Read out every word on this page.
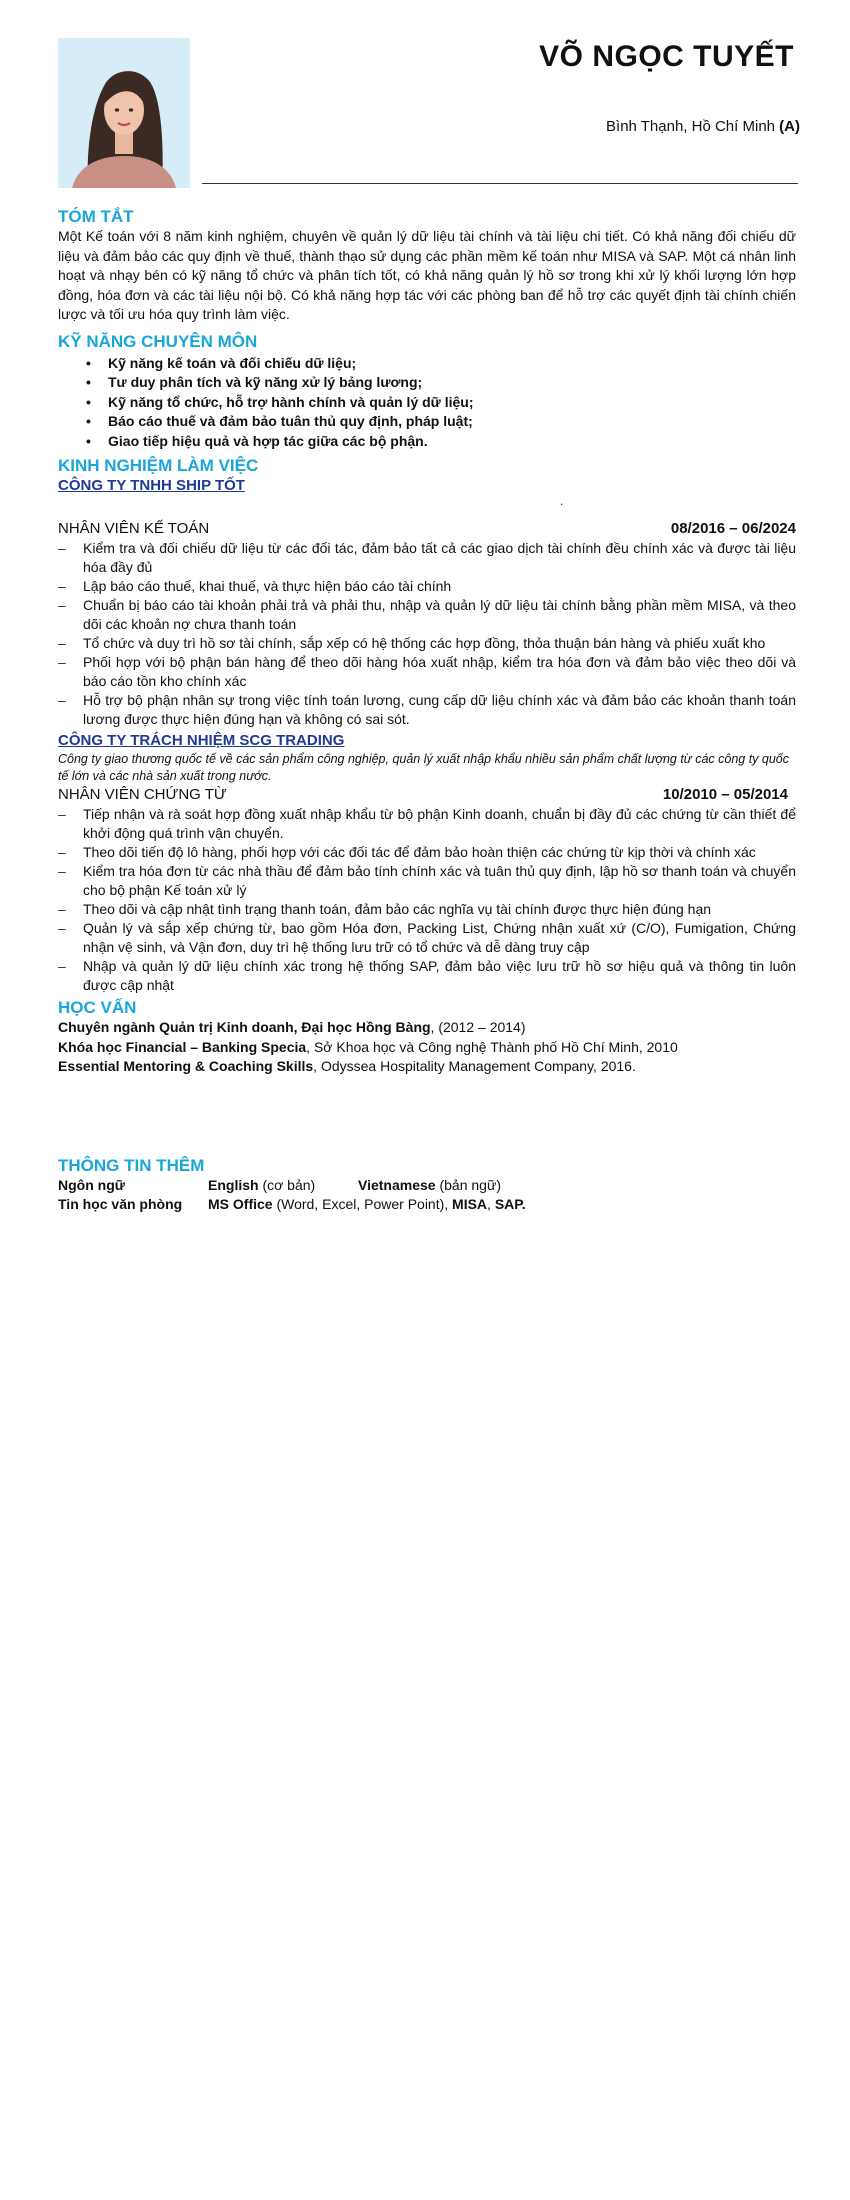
VÕ NGỌC TUYẾT
Bình Thạnh, Hồ Chí Minh (A)
TÓM TẮT

Một Kế toán với 8 năm kinh nghiệm, chuyên về quản lý dữ liệu tài chính và tài liệu chi tiết. Có khả năng đối chiếu dữ liệu và đảm bảo các quy định về thuế, thành thạo sử dụng các phần mềm kế toán như MISA và SAP. Một cá nhân linh hoạt và nhạy bén có kỹ năng tổ chức và phân tích tốt, có khả năng quản lý hồ sơ trong khi xử lý khối lượng lớn hợp đồng, hóa đơn và các tài liệu nội bộ. Có khả năng hợp tác với các phòng ban để hỗ trợ các quyết định tài chính chiến lược và tối ưu hóa quy trình làm việc.

KỸ NĂNG CHUYÊN MÔN
• Kỹ năng kế toán và đối chiếu dữ liệu;
• Tư duy phân tích và kỹ năng xử lý bảng lương;
• Kỹ năng tổ chức, hỗ trợ hành chính và quản lý dữ liệu;
• Báo cáo thuế và đảm bảo tuân thủ quy định, pháp luật;
• Giao tiếp hiệu quả và hợp tác giữa các bộ phận.
KINH NGHIỆM LÀM VIỆC
CÔNG TY TNHH SHIP TỐT
.
NHÂN VIÊN KẾ TOÁN	08/2016 – 06/2024
– Kiểm tra và đối chiếu dữ liệu từ các đối tác, đảm bảo tất cả các giao dịch tài chính đều chính xác và được tài liệu hóa đầy đủ
– Lập báo cáo thuế, khai thuế, và thực hiện báo cáo tài chính
– Chuẩn bị báo cáo tài khoản phải trả và phải thu, nhập và quản lý dữ liệu tài chính bằng phần mềm MISA, và theo dõi các khoản nợ chưa thanh toán
– Tổ chức và duy trì hồ sơ tài chính, sắp xếp có hệ thống các hợp đồng, thỏa thuận bán hàng và phiếu xuất kho
– Phối hợp với bộ phận bán hàng để theo dõi hàng hóa xuất nhập, kiểm tra hóa đơn và đảm bảo việc theo dõi và báo cáo tồn kho chính xác
– Hỗ trợ bộ phận nhân sự trong việc tính toán lương, cung cấp dữ liệu chính xác và đảm bảo các khoản thanh toán lương được thực hiện đúng hạn và không có sai sót.
CÔNG TY TRÁCH NHIỆM SCG TRADING
Công ty giao thương quốc tế về các sản phẩm công nghiệp, quản lý xuất nhập khẩu nhiều sản phẩm chất lượng từ các công ty quốc tế lớn và các nhà sản xuất trong nước.
NHÂN VIÊN CHỨNG TỪ	10/2010 – 05/2014
– Tiếp nhận và rà soát hợp đồng xuất nhập khẩu từ bộ phận Kinh doanh, chuẩn bị đầy đủ các chứng từ cần thiết để khởi động quá trình vận chuyển.
– Theo dõi tiến độ lô hàng, phối hợp với các đối tác để đảm bảo hoàn thiện các chứng từ kịp thời và chính xác
– Kiểm tra hóa đơn từ các nhà thầu để đảm bảo tính chính xác và tuân thủ quy định, lập hồ sơ thanh toán và chuyển cho bộ phận Kế toán xử lý
– Theo dõi và cập nhật tình trạng thanh toán, đảm bảo các nghĩa vụ tài chính được thực hiện đúng hạn
– Quản lý và sắp xếp chứng từ, bao gồm Hóa đơn, Packing List, Chứng nhận xuất xứ (C/O), Fumigation, Chứng nhận vệ sinh, và Vận đơn, duy trì hệ thống lưu trữ có tổ chức và dễ dàng truy cập
– Nhập và quản lý dữ liệu chính xác trong hệ thống SAP, đảm bảo việc lưu trữ hồ sơ hiệu quả và thông tin luôn được cập nhật
HỌC VẤN
Chuyên ngành Quản trị Kinh doanh, Đại học Hồng Bàng, (2012 – 2014)
Khóa học Financial – Banking Specia, Sở Khoa học và Công nghệ Thành phố Hồ Chí Minh, 2010
Essential Mentoring & Coaching Skills, Odyssea Hospitality Management Company, 2016.
THÔNG TIN THÊM
Ngôn ngữ	English (cơ bản)	Vietnamese (bản ngữ)
Tin học văn phòng	MS Office (Word, Excel, Power Point), MISA, SAP.
